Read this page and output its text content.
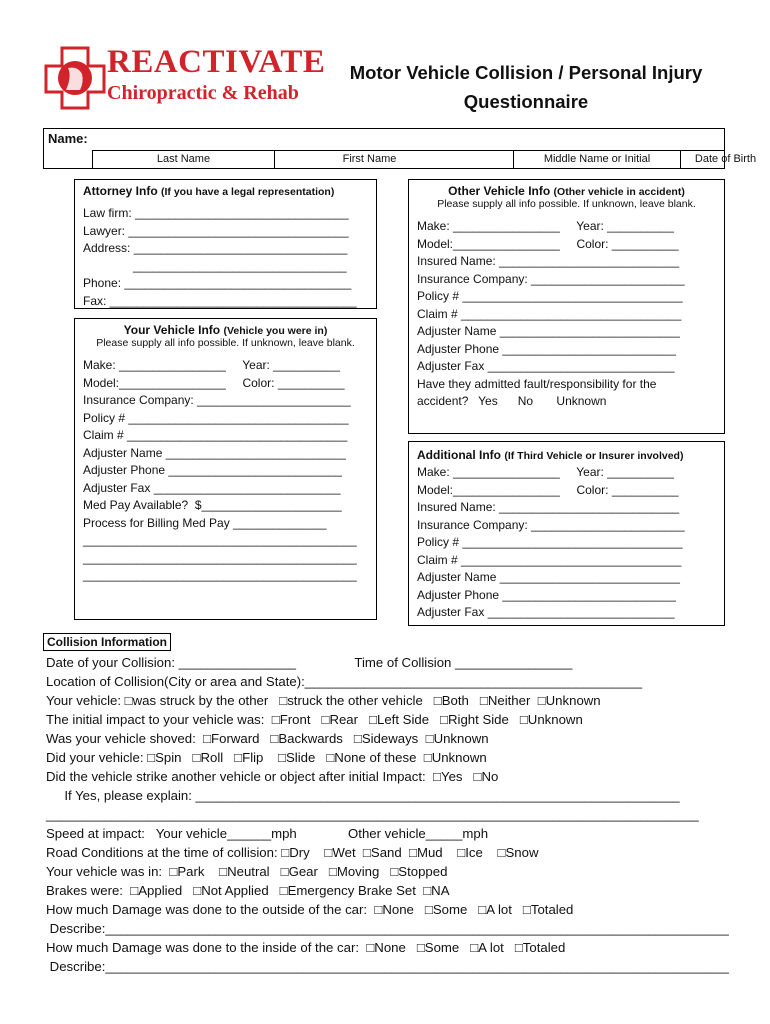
REACTIVATE
Chiropractic & Rehab
Motor Vehicle Collision / Personal Injury
Questionnaire
Name:
Last Name	First Name	Middle Name or Initial	Date of Birth
Attorney Info (If you have a legal representation)
Law firm: ________________________________
Lawyer: _________________________________
Address: ________________________________
________________________________
Phone: __________________________________
Fax: _____________________________________
Your Vehicle Info (Vehicle you were in)
Please supply all info possible. If unknown, leave blank.
Make: ________________     Year: __________
Model:________________     Color: __________
Insurance Company: _______________________
Policy # _________________________________
Claim # _________________________________
Adjuster Name ___________________________
Adjuster Phone __________________________
Adjuster Fax ____________________________
Med Pay Available?  $_____________________
Process for Billing Med Pay ______________
_________________________________________
_________________________________________
_________________________________________
Other Vehicle Info (Other vehicle in accident)
Please supply all info possible. If unknown, leave blank.
Make: ________________     Year: __________
Model:________________     Color: __________
Insured Name: ___________________________
Insurance Company: _______________________
Policy # _________________________________
Claim # _________________________________
Adjuster Name ___________________________
Adjuster Phone __________________________
Adjuster Fax ____________________________
Have they admitted fault/responsibility for the
accident?   Yes      No       Unknown
Additional Info (If Third Vehicle or Insurer involved)
Make: ________________     Year: __________
Model:________________     Color: __________
Insured Name: ___________________________
Insurance Company: _______________________
Policy # _________________________________
Claim # _________________________________
Adjuster Name ___________________________
Adjuster Phone __________________________
Adjuster Fax ____________________________
Collision Information
Date of your Collision: ________________                Time of Collision ________________
Location of Collision(City or area and State):______________________________________________
Your vehicle: □was struck by the other   □struck the other vehicle   □Both   □Neither  □Unknown
The initial impact to your vehicle was:  □Front   □Rear   □Left Side   □Right Side   □Unknown
Was your vehicle shoved:  □Forward   □Backwards   □Sideways  □Unknown
Did your vehicle: □Spin   □Roll   □Flip    □Slide   □None of these  □Unknown
Did the vehicle strike another vehicle or object after initial Impact:  □Yes   □No
If Yes, please explain: __________________________________________________________________
_________________________________________________________________________________________
Speed at impact:   Your vehicle______mph              Other vehicle_____mph
Road Conditions at the time of collision: □Dry    □Wet  □Sand  □Mud    □Ice    □Snow
Your vehicle was in:  □Park    □Neutral   □Gear   □Moving   □Stopped
Brakes were:  □Applied   □Not Applied   □Emergency Brake Set  □NA
How much Damage was done to the outside of the car:  □None   □Some   □A lot   □Totaled
Describe:_____________________________________________________________________________________
How much Damage was done to the inside of the car:  □None   □Some   □A lot   □Totaled
Describe:_____________________________________________________________________________________
